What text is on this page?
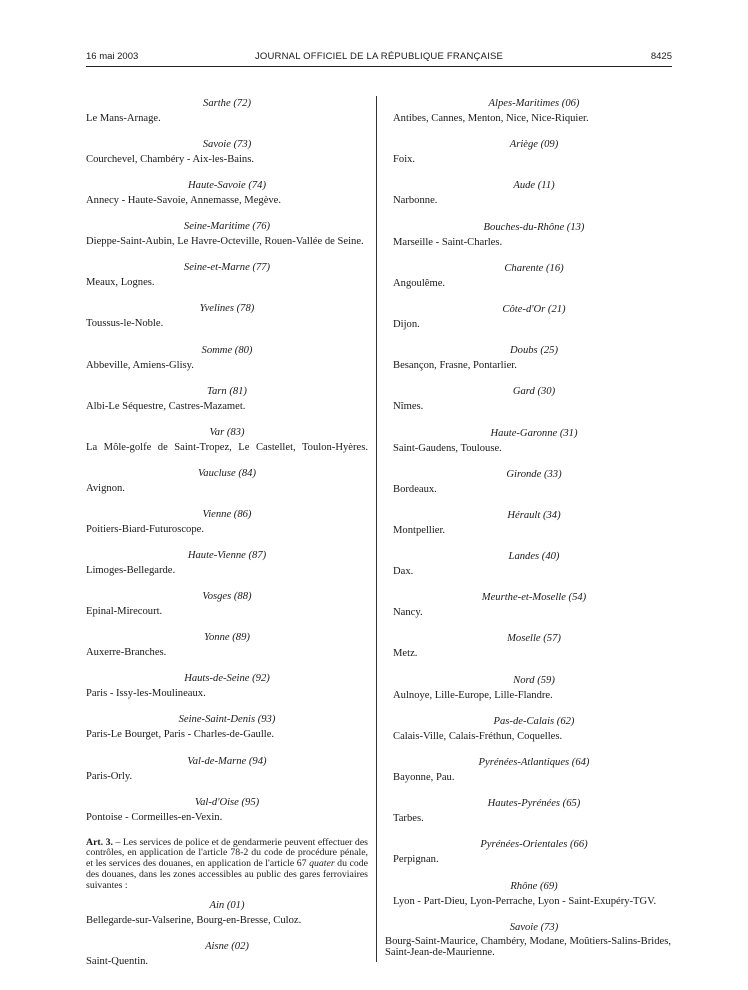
16 mai 2003	JOURNAL OFFICIEL DE LA RÉPUBLIQUE FRANÇAISE	8425
Sarthe (72)
Le Mans-Arnage.
Savoie (73)
Courchevel, Chambéry - Aix-les-Bains.
Haute-Savoie (74)
Annecy - Haute-Savoie, Annemasse, Megève.
Seine-Maritime (76)
Dieppe-Saint-Aubin, Le Havre-Octeville, Rouen-Vallée de Seine.
Seine-et-Marne (77)
Meaux, Lognes.
Yvelines (78)
Toussus-le-Noble.
Somme (80)
Abbeville, Amiens-Glisy.
Tarn (81)
Albi-Le Séquestre, Castres-Mazamet.
Var (83)
La Môle-golfe de Saint-Tropez, Le Castellet, Toulon-Hyères.
Vaucluse (84)
Avignon.
Vienne (86)
Poitiers-Biard-Futuroscope.
Haute-Vienne (87)
Limoges-Bellegarde.
Vosges (88)
Epinal-Mirecourt.
Yonne (89)
Auxerre-Branches.
Hauts-de-Seine (92)
Paris - Issy-les-Moulineaux.
Seine-Saint-Denis (93)
Paris-Le Bourget, Paris - Charles-de-Gaulle.
Val-de-Marne (94)
Paris-Orly.
Val-d'Oise (95)
Pontoise - Cormeilles-en-Vexin.
Art. 3. – Les services de police et de gendarmerie peuvent effectuer des contrôles, en application de l'article 78-2 du code de procédure pénale, et les services des douanes, en application de l'article 67 quater du code des douanes, dans les zones accessibles au public des gares ferroviaires suivantes :
Ain (01)
Bellegarde-sur-Valserine, Bourg-en-Bresse, Culoz.
Aisne (02)
Saint-Quentin.
Alpes-Maritimes (06)
Antibes, Cannes, Menton, Nice, Nice-Riquier.
Ariège (09)
Foix.
Aude (11)
Narbonne.
Bouches-du-Rhône (13)
Marseille - Saint-Charles.
Charente (16)
Angoulême.
Côte-d'Or (21)
Dijon.
Doubs (25)
Besançon, Frasne, Pontarlier.
Gard (30)
Nîmes.
Haute-Garonne (31)
Saint-Gaudens, Toulouse.
Gironde (33)
Bordeaux.
Hérault (34)
Montpellier.
Landes (40)
Dax.
Meurthe-et-Moselle (54)
Nancy.
Moselle (57)
Metz.
Nord (59)
Aulnoye, Lille-Europe, Lille-Flandre.
Pas-de-Calais (62)
Calais-Ville, Calais-Fréthun, Coquelles.
Pyrénées-Atlantiques (64)
Bayonne, Pau.
Hautes-Pyrénées (65)
Tarbes.
Pyrénées-Orientales (66)
Perpignan.
Rhône (69)
Lyon - Part-Dieu, Lyon-Perrache, Lyon - Saint-Exupéry-TGV.
Savoie (73)
Bourg-Saint-Maurice, Chambéry, Modane, Moûtiers-Salins-Brides, Saint-Jean-de-Maurienne.
